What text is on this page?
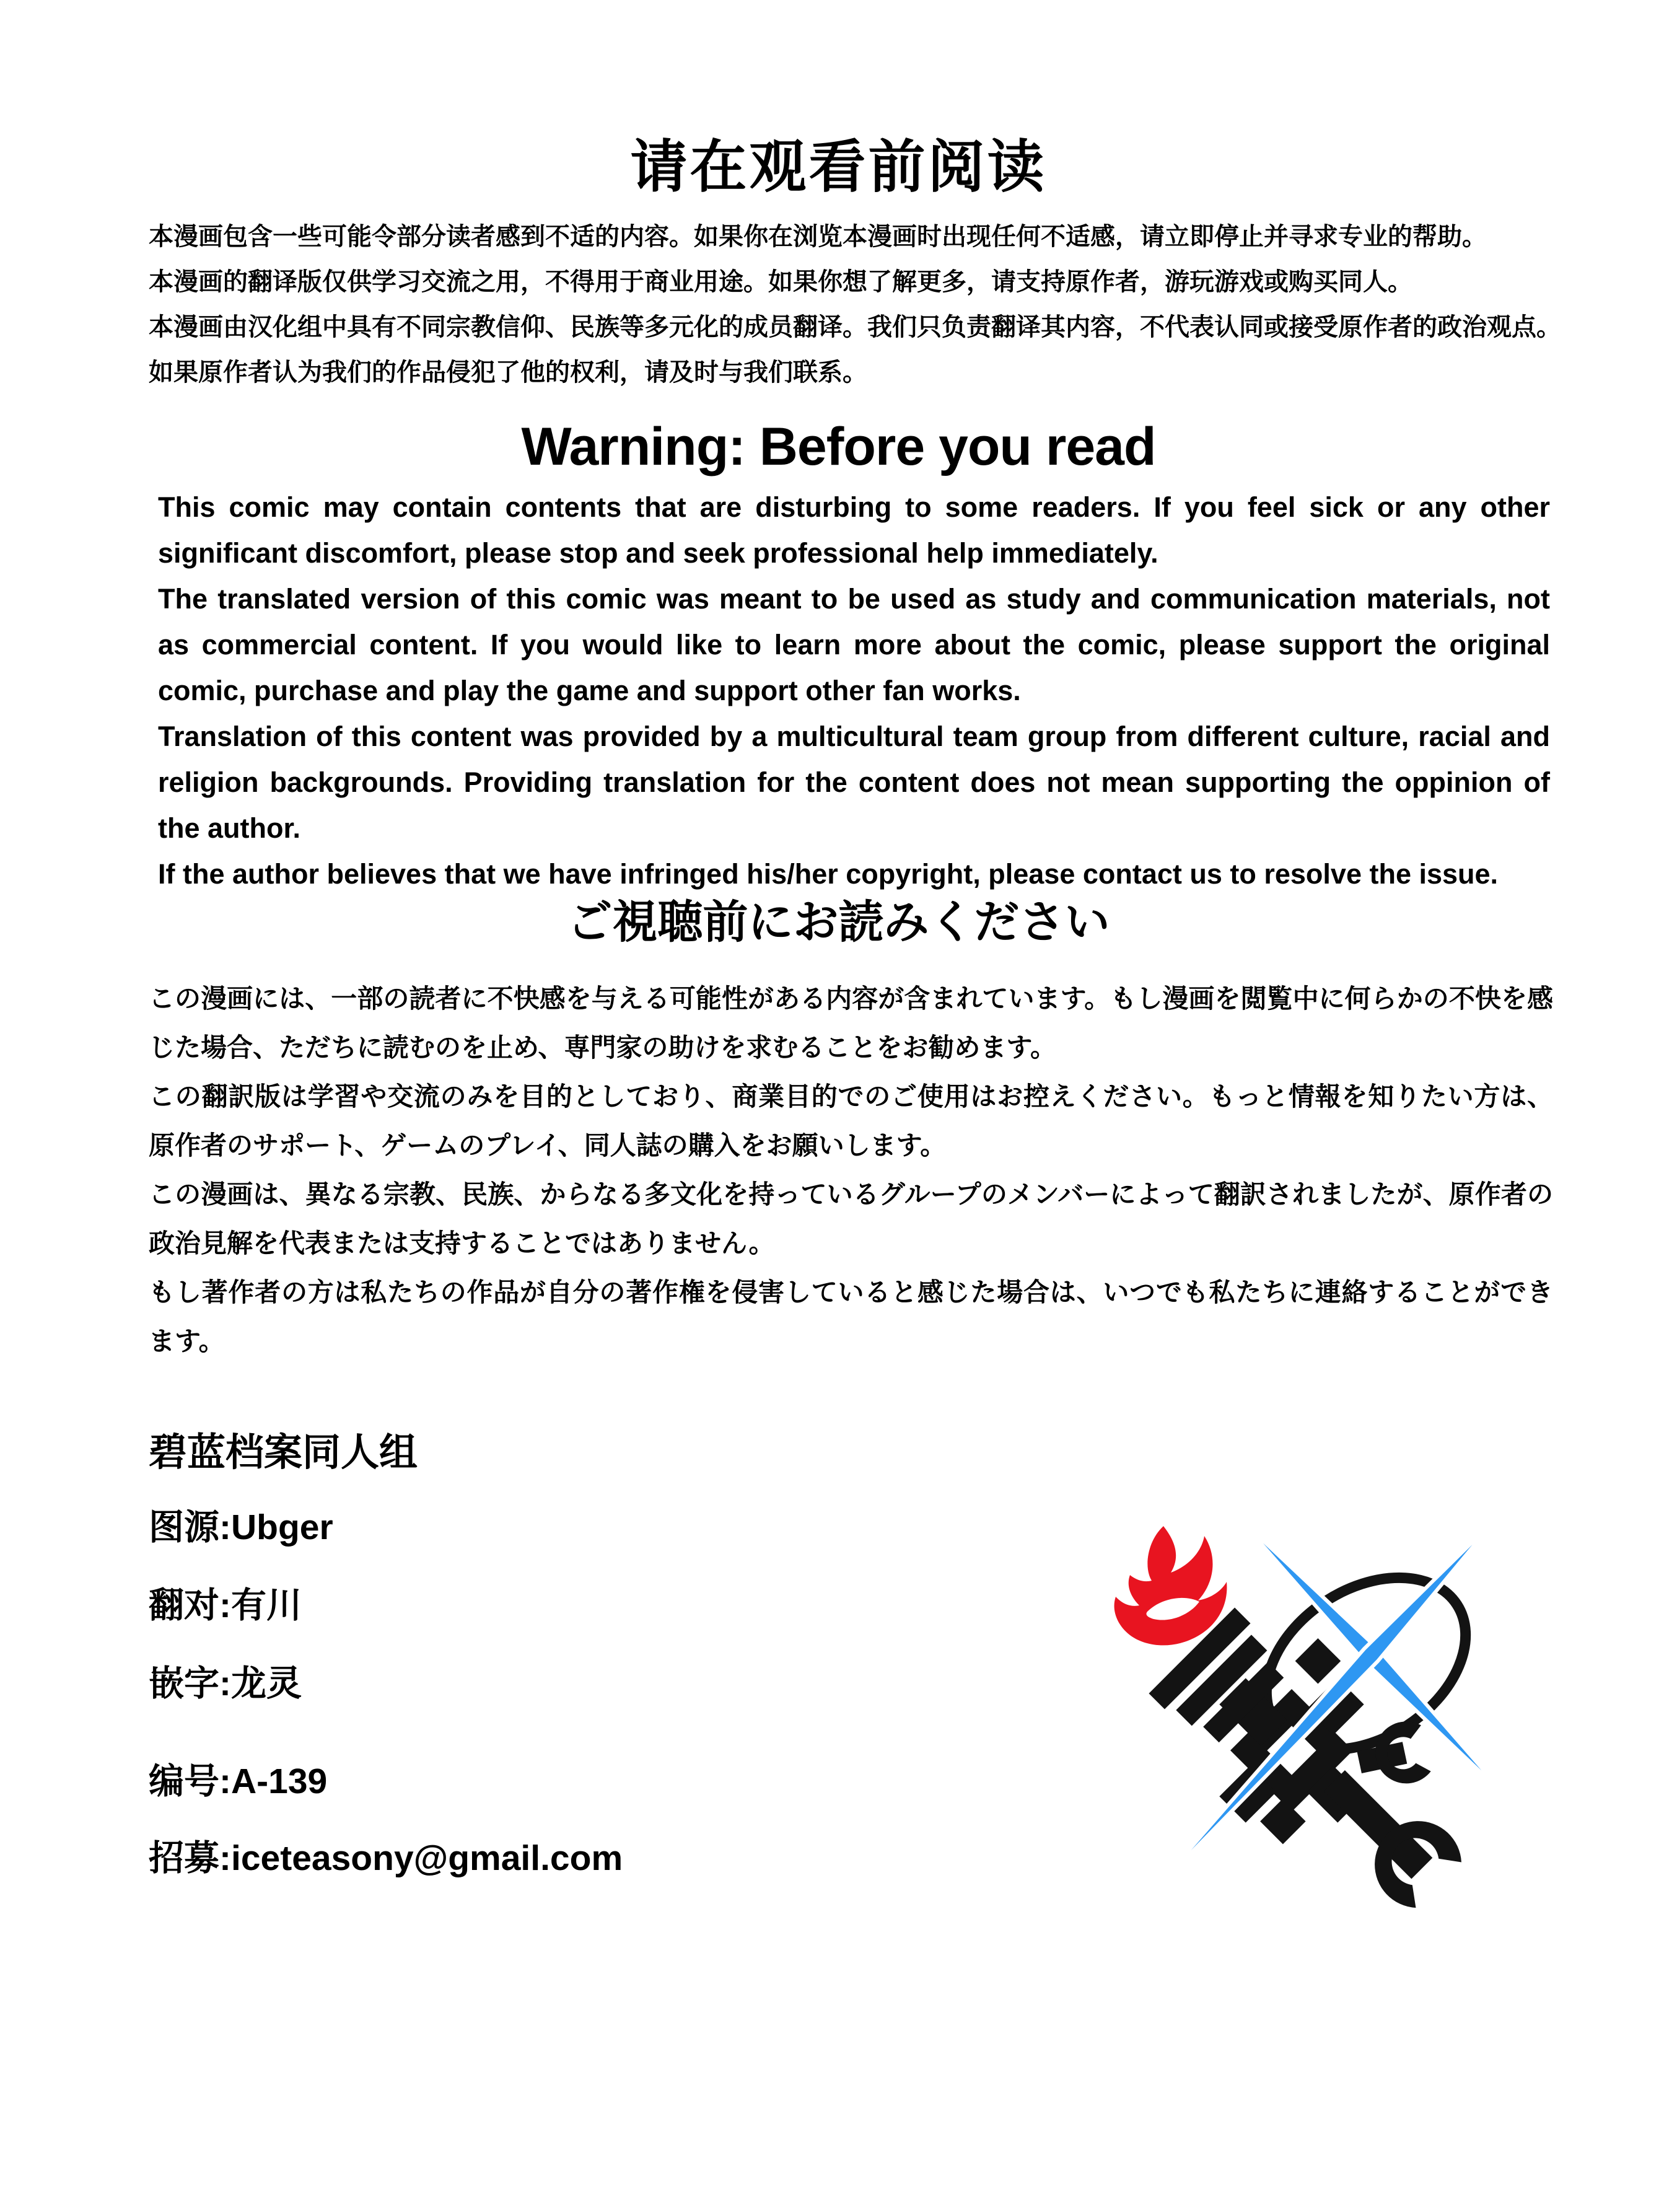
请在观看前阅读

本漫画包含一些可能令部分读者感到不适的内容。如果你在浏览本漫画时出现任何不适感，请立即停止并寻求专业的帮助。

本漫画的翻译版仅供学习交流之用，不得用于商业用途。如果你想了解更多，请支持原作者，游玩游戏或购买同人。

本漫画由汉化组中具有不同宗教信仰、民族等多元化的成员翻译。我们只负责翻译其内容，不代表认同或接受原作者的政治观点。

如果原作者认为我们的作品侵犯了他的权利，请及时与我们联系。

Warning: Before you read

This comic may contain contents that are disturbing to some readers. If you feel sick or any other significant discomfort, please stop and seek professional help immediately.

The translated version of this comic was meant to be used as study and communication materials, not as commercial content. If you would like to learn more about the comic, please support the original comic, purchase and play the game and support other fan works.

Translation of this content was provided by a multicultural team group from different culture, racial and religion backgrounds. Providing translation for the content does not mean supporting the oppinion of the author.

If the author believes that we have infringed his/her copyright, please contact us to resolve the issue.

ご視聴前にお読みください

この漫画には、一部の読者に不快感を与える可能性がある内容が含まれています。もし漫画を閲覧中に何らかの不快を感じた場合、ただちに読むのを止め、専門家の助けを求むることをお勧めます。

この翻訳版は学習や交流のみを目的としており、商業目的でのご使用はお控えください。もっと情報を知りたい方は、原作者のサポート、ゲームのプレイ、同人誌の購入をお願いします。

この漫画は、異なる宗教、民族、からなる多文化を持っているグループのメンバーによって翻訳されましたが、原作者の政治見解を代表または支持することではありません。

もし著作者の方は私たちの作品が自分の著作権を侵害していると感じた場合は、いつでも私たちに連絡することができます。

碧蓝档案同人组
图源:Ubger
翻对:有川
嵌字:龙灵
编号:A-139
招募:iceteasony@gmail.com
